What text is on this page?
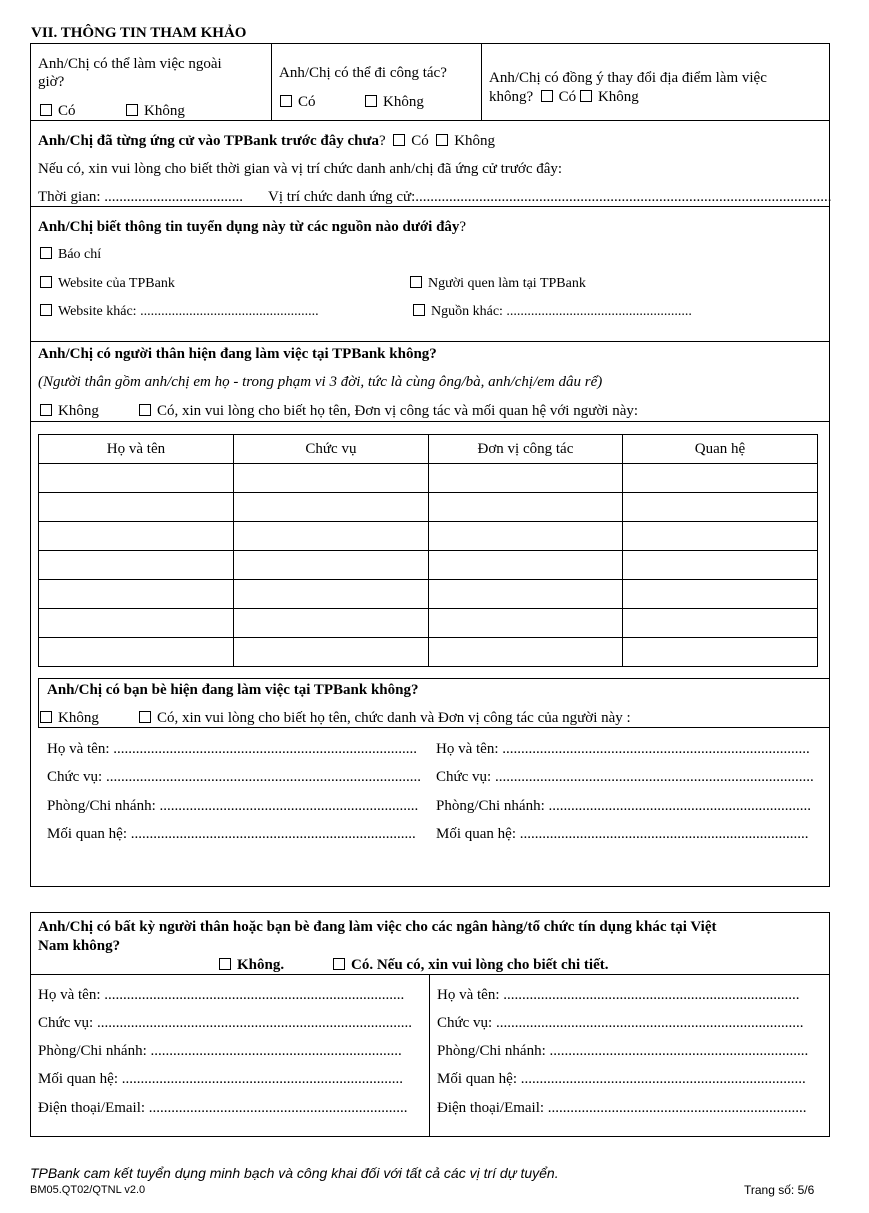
VII. THÔNG TIN THAM KHẢO
Anh/Chị có thể làm việc ngoài
giờ?
Có	Không
Anh/Chị có thể đi công tác?
Có	Không
Anh/Chị có đồng ý thay đổi địa điểm làm việc
không? Có Không
Anh/Chị đã từng ứng cử vào TPBank trước đây chưa? Có Không
Nếu có, xin vui lòng cho biết thời gian và vị trí chức danh anh/chị đã ứng cử trước đây:
Thời gian: ..................................... Vị trí chức danh ứng cử:...............................................................................................................
Anh/Chị biết thông tin tuyển dụng này từ các nguồn nào dưới đây?
Báo chí
Website của TPBank	Người quen làm tại TPBank
Website khác: ...................................................	Nguồn khác: .....................................................
Anh/Chị có người thân hiện đang làm việc tại TPBank không?
(Người thân gồm anh/chị em họ - trong phạm vi 3 đời, tức là cùng ông/bà, anh/chị/em dâu rể)
Không	Có, xin vui lòng cho biết họ tên, Đơn vị công tác và mối quan hệ với người này:
Họ và tên	Chức vụ	Đơn vị công tác	Quan hệ

Anh/Chị có bạn bè hiện đang làm việc tại TPBank không?
Không	Có, xin vui lòng cho biết họ tên, chức danh và Đơn vị công tác của người này :
Họ và tên: .................................................................................
Chức vụ: ....................................................................................
Phòng/Chi nhánh: .....................................................................
Mối quan hệ: ............................................................................
Họ và tên: ..................................................................................
Chức vụ: .....................................................................................
Phòng/Chi nhánh: ......................................................................
Mối quan hệ: .............................................................................
Anh/Chị có bất kỳ người thân hoặc bạn bè đang làm việc cho các ngân hàng/tổ chức tín dụng khác tại Việt
Nam không?
Không.	Có. Nếu có, xin vui lòng cho biết chi tiết.
Họ và tên: ................................................................................
Chức vụ: ....................................................................................
Phòng/Chi nhánh: ...................................................................
Mối quan hệ: ...........................................................................
Điện thoại/Email: .....................................................................
Họ và tên: ...............................................................................
Chức vụ: ..................................................................................
Phòng/Chi nhánh: .....................................................................
Mối quan hệ: ............................................................................
Điện thoại/Email: .....................................................................
TPBank cam kết tuyển dụng minh bạch và công khai đối với tất cả các vị trí dự tuyển.
BM05.QT02/QTNL v2.0	Trang số: 5/6
